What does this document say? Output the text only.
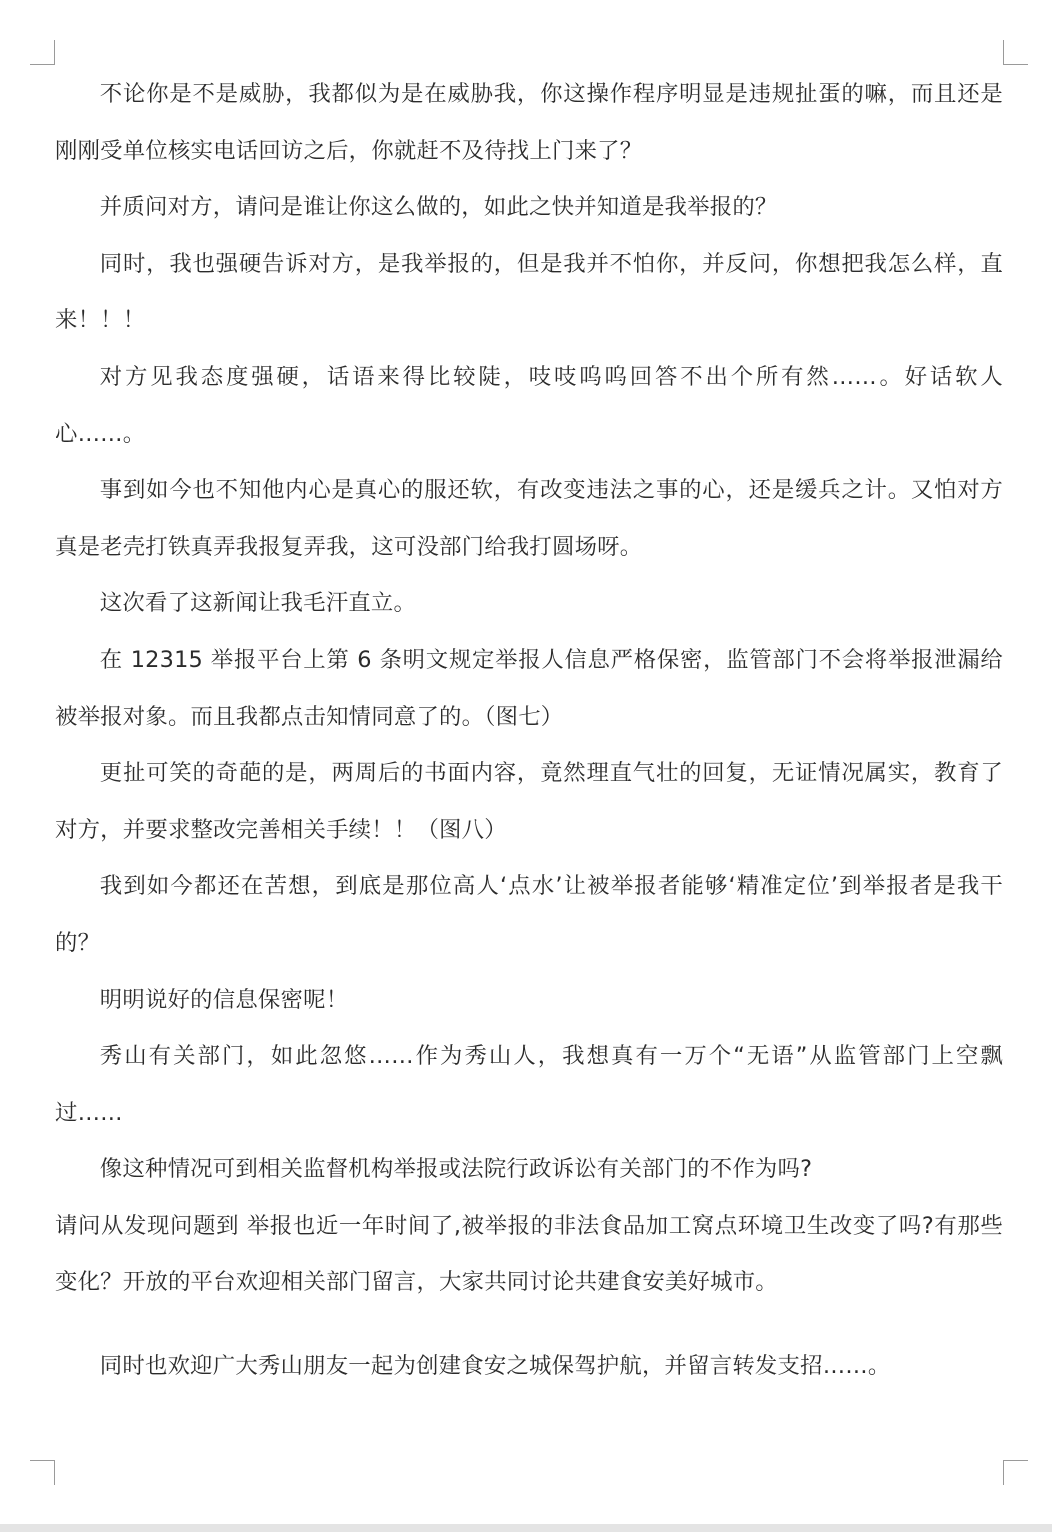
不论你是不是威胁，我都似为是在威胁我，你这操作程序明显是违规扯蛋的嘛，而且还是刚刚受单位核实电话回访之后，你就赶不及待找上门来了？

并质问对方，请问是谁让你这么做的，如此之快并知道是我举报的？

同时，我也强硬告诉对方，是我举报的，但是我并不怕你，并反问，你想把我怎么样，直来！！！

对方见我态度强硬，话语来得比较陡，吱吱呜呜回答不出个所有然……。好话软人心……。

事到如今也不知他内心是真心的服还软，有改变违法之事的心，还是缓兵之计。又怕对方真是老壳打铁真弄我报复弄我，这可没部门给我打圆场呀。

这次看了这新闻让我毛汗直立。

在 12315 举报平台上第 6 条明文规定举报人信息严格保密，监管部门不会将举报泄漏给被举报对象。而且我都点击知情同意了的。（图七）

更扯可笑的奇葩的是，两周后的书面内容，竟然理直气壮的回复，无证情况属实，教育了对方，并要求整改完善相关手续！！（图八）

我到如今都还在苦想，到底是那位高人‘点水’让被举报者能够‘精准定位’到举报者是我干的？

明明说好的信息保密呢！

秀山有关部门，如此忽悠……作为秀山人，我想真有一万个“无语”从监管部门上空飘过……

像这种情况可到相关监督机构举报或法院行政诉讼有关部门的不作为吗?

请问从发现问题到 举报也近一年时间了,被举报的非法食品加工窝点环境卫生改变了吗?有那些变化？开放的平台欢迎相关部门留言，大家共同讨论共建食安美好城市。

同时也欢迎广大秀山朋友一起为创建食安之城保驾护航，并留言转发支招……。
